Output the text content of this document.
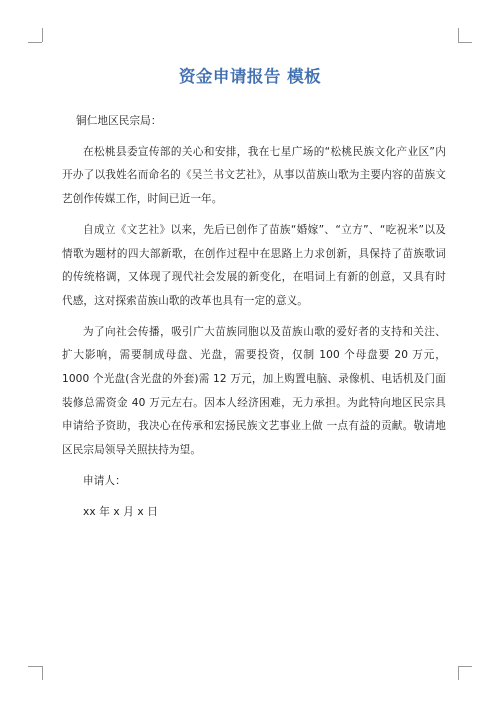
资金申请报告 模板

铜仁地区民宗局：

在松桃县委宣传部的关心和安排，我在七星广场的“松桃民族文化产业区”内开办了以我姓名而命名的《吴兰书文艺社》，从事以苗族山歌为主要内容的苗族文艺创作传媒工作，时间已近一年。

自成立《文艺社》以来，先后已创作了苗族“婚嫁”、“立方”、“吃祝米”以及情歌为题材的四大部新歌，在创作过程中在思路上力求创新，具保持了苗族歌词的传统格调，又体现了现代社会发展的新变化，在唱词上有新的创意，又具有时代感，这对探索苗族山歌的改革也具有一定的意义。

为了向社会传播，吸引广大苗族同胞以及苗族山歌的爱好者的支持和关注、扩大影响，需要制成母盘、光盘，需要投资，仅制 100 个母盘要 20 万元，1000 个光盘(含光盘的外套)需 12 万元，加上购置电脑、录像机、电话机及门面装修总需资金 40 万元左右。因本人经济困难，无力承担。为此特向地区民宗具申请给予资助，我决心在传承和宏扬民族文艺事业上做 一点有益的贡献。敬请地区民宗局领导关照扶持为望。

申请人：

xx 年 x 月 x 日
